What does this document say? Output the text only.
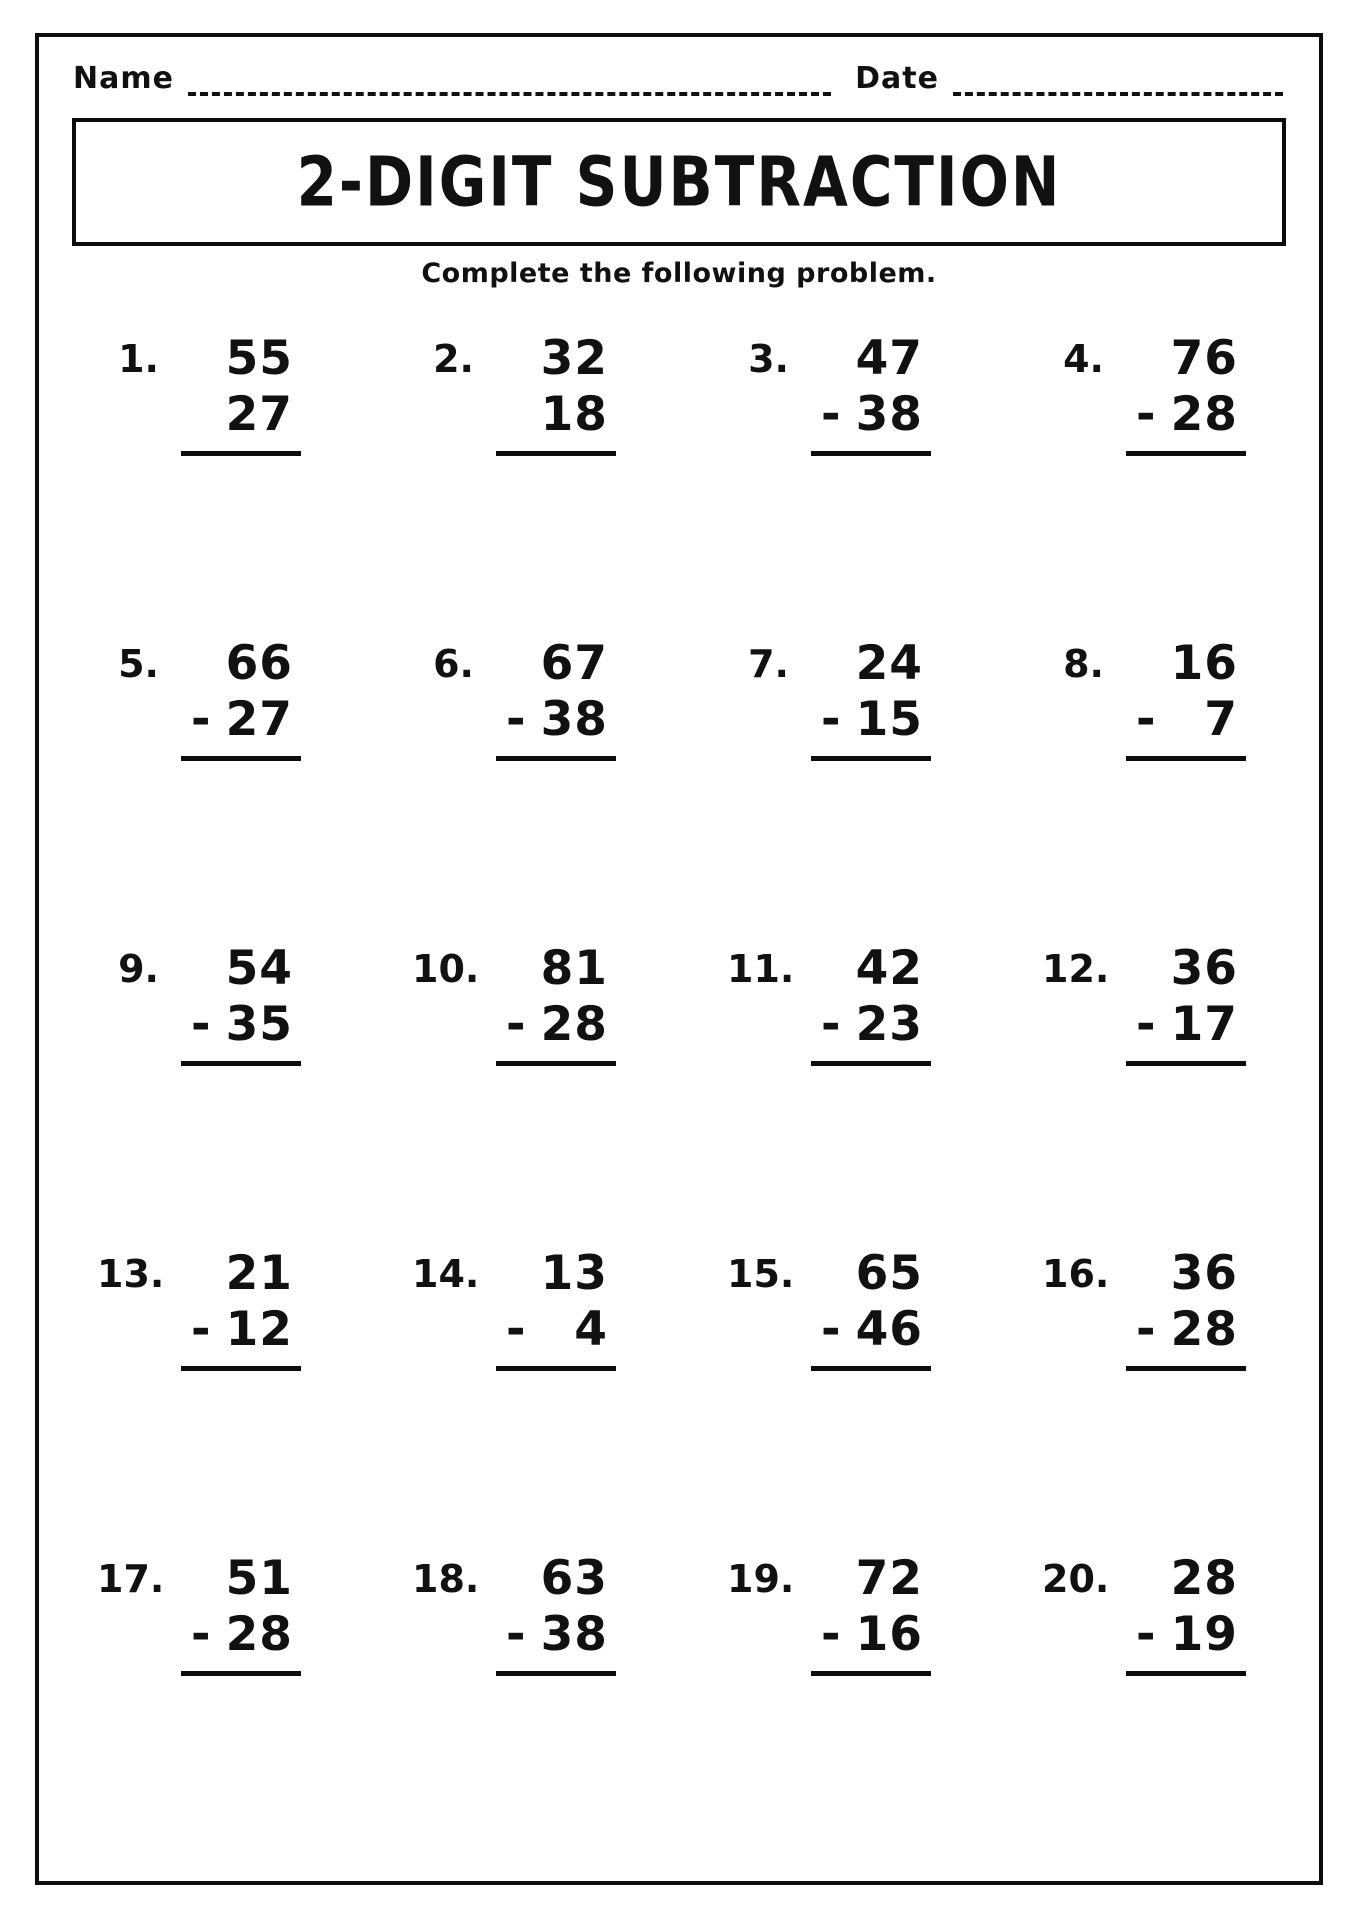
Name	Date
2-DIGIT SUBTRACTION
Complete the following problem.
1.	55
27
2.	32
18
3.	47
- 38
4.	76
- 28
5.	66
- 27
6.	67
- 38
7.	24
- 15
8.	16
- 7
9.	54
- 35
10.	81
- 28
11.	42
- 23
12.	36
- 17
13.	21
- 12
14.	13
- 4
15.	65
- 46
16.	36
- 28
17.	51
- 28
18.	63
- 38
19.	72
- 16
20.	28
- 19
